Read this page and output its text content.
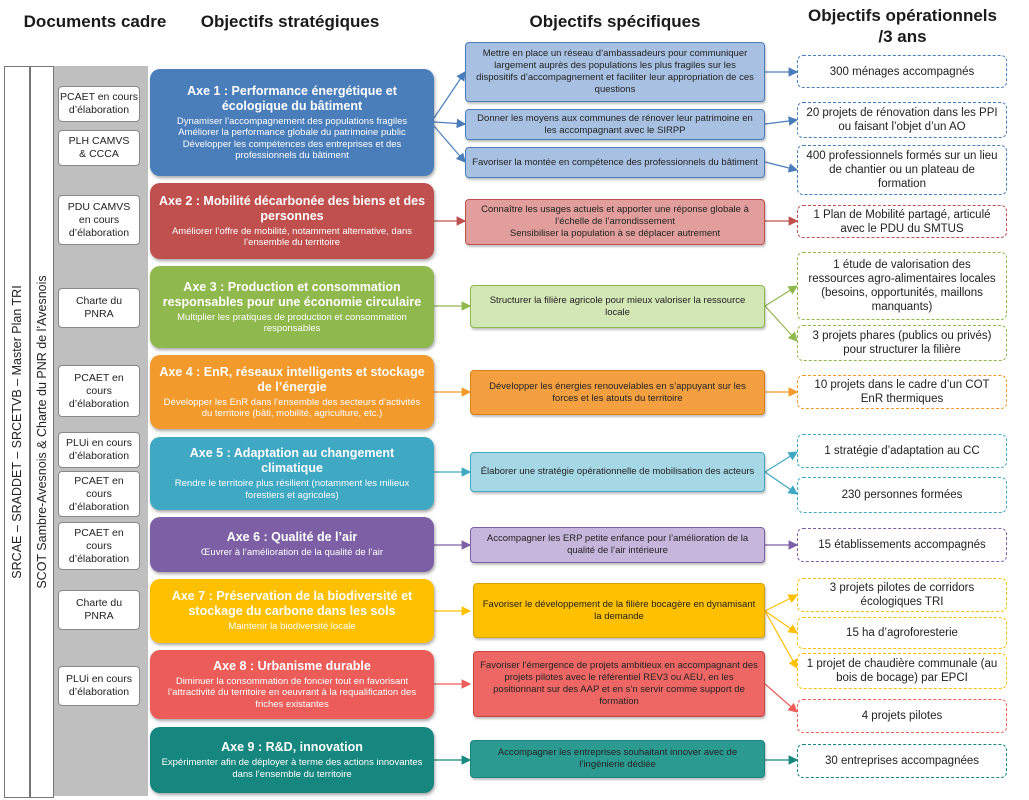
Documents cadre	Objectifs stratégiques	Objectifs spécifiques	Objectifs opérationnels
/3 ans
SRCAE – SRADDET – SRCETVB – Master Plan TRI SCOT Sambre-Avesnois & Charte du PNR de l’Avesnois
PCAET en cours
d’élaboration
PLH CAMVS
& CCCA
PDU CAMVS
en cours
d’élaboration
Charte du
PNRA
PCAET en
cours
d’élaboration
PLUi en cours
d’élaboration
PCAET en
cours
d’élaboration
PCAET en
cours
d’élaboration
Charte du
PNRA
PLUi en cours
d’élaboration
Axe 1 : Performance énergétique et écologique du bâtiment
Dynamiser l’accompagnement des populations fragiles
Améliorer la performance globale du patrimoine public
Développer les compétences des entreprises et des professionnels du bâtiment
Axe 2 : Mobilité décarbonée des biens et des personnes
Améliorer l’offre de mobilité, notamment alternative, dans l’ensemble du territoire
Axe 3 : Production et consommation responsables pour une économie circulaire
Multiplier les pratiques de production et consommation responsables
Axe 4 : EnR, réseaux intelligents et stockage de l’énergie
Développer les EnR dans l’ensemble des secteurs d’activités du territoire (bâti, mobilité, agriculture, etc.)
Axe 5 : Adaptation au changement climatique
Rendre le territoire plus résilient (notamment les milieux forestiers et agricoles)
Axe 6 : Qualité de l’air
Œuvrer à l’amélioration de la qualité de l’air
Axe 7 : Préservation de la biodiversité et stockage du carbone dans les sols
Maintenir la biodiversité locale
Axe 8 : Urbanisme durable
Diminuer la consommation de foncier tout en favorisant l’attractivité du territoire en oeuvrant à la requalification des friches existantes
Axe 9 : R&D, innovation
Expérimenter afin de déployer à terme des actions innovantes dans l’ensemble du territoire
Mettre en place un réseau d’ambassadeurs pour communiquer largement auprès des populations les plus fragiles sur les dispositifs d’accompagnement et faciliter leur appropriation de ces questions
Donner les moyens aux communes de rénover leur patrimoine en les accompagnant avec le SIRPP
Favoriser la montée en compétence des professionnels du bâtiment
Connaître les usages actuels et apporter une réponse globale à l’échelle de l’arrondissement
Sensibiliser la population à se déplacer autrement
Structurer la filière agricole pour mieux valoriser la ressource locale
Développer les énergies renouvelables en s’appuyant sur les forces et les atouts du territoire
Élaborer une stratégie opérationnelle de mobilisation des acteurs
Accompagner les ERP petite enfance pour l’amélioration de la qualité de l’air intérieure
Favoriser le développement de la filière bocagère en dynamisant la demande
Favoriser l’émergence de projets ambitieux en accompagnant des projets pilotes avec le référentiel REV3 ou AEU, en les positionnant sur des AAP et en s’n servir comme support de formation
Accompagner les entreprises souhaitant innover avec de l’ingénierie dédiée
300 ménages accompagnés
20 projets de rénovation dans les PPI ou faisant l’objet d’un AO
400 professionnels formés sur un lieu de chantier ou un plateau de formation
1 Plan de Mobilité partagé, articulé avec le PDU du SMTUS
1 étude de valorisation des ressources agro-alimentaires locales (besoins, opportunités, maillons manquants)
3 projets phares (publics ou privés) pour structurer la filière
10 projets dans le cadre d’un COT EnR thermiques
1 stratégie d’adaptation au CC
230 personnes formées
15 établissements accompagnés
3 projets pilotes de corridors écologiques TRI
15 ha d’agroforesterie
1 projet de chaudière communale (au bois de bocage) par EPCI
4 projets pilotes
30 entreprises accompagnées
